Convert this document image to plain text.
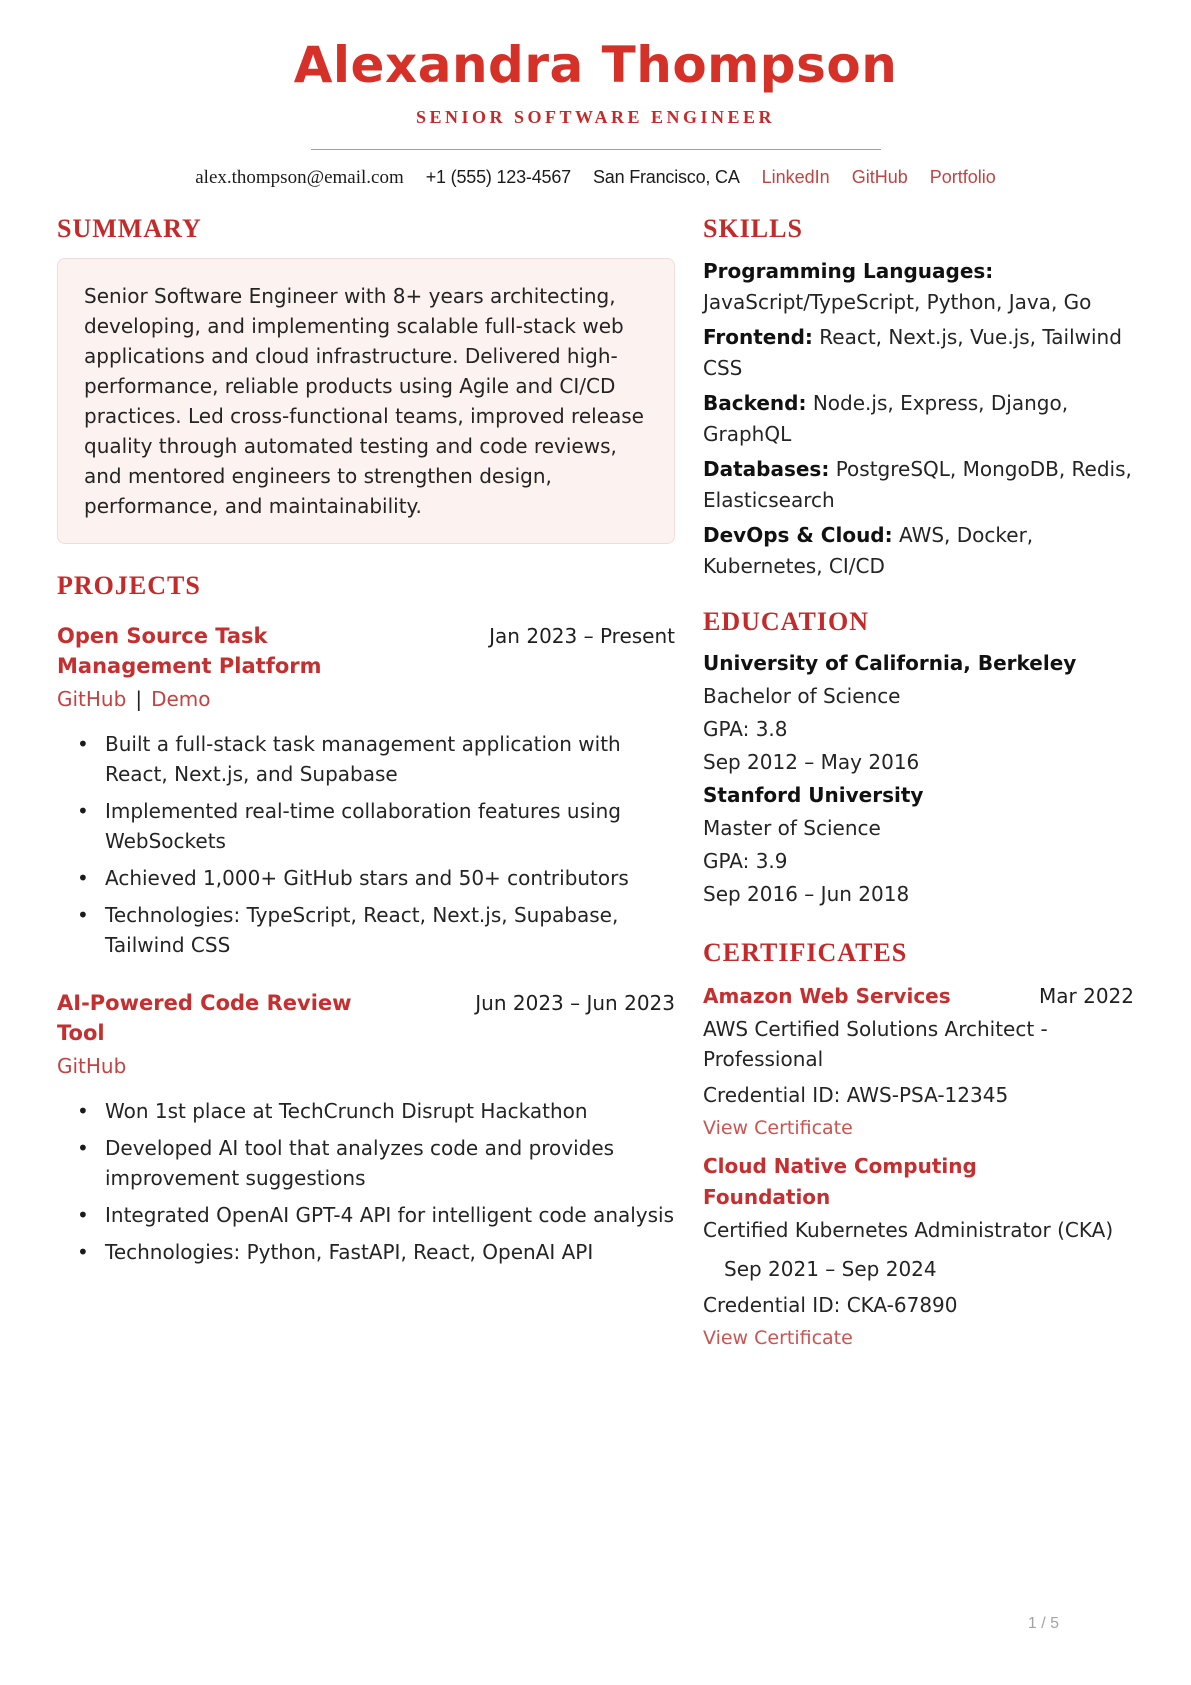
Alexandra Thompson
SENIOR SOFTWARE ENGINEER
alex.thompson@email.com +1 (555) 123-4567 San Francisco, CA LinkedIn GitHub Portfolio
SUMMARY
Senior Software Engineer with 8+ years architecting, developing, and implementing scalable full-stack web applications and cloud infrastructure. Delivered high-performance, reliable products using Agile and CI/CD practices. Led cross-functional teams, improved release quality through automated testing and code reviews, and mentored engineers to strengthen design, performance, and maintainability.
PROJECTS
Open Source Task Management Platform
Jan 2023 – Present
GitHub | Demo
• Built a full-stack task management application with React, Next.js, and Supabase
• Implemented real-time collaboration features using WebSockets
• Achieved 1,000+ GitHub stars and 50+ contributors
• Technologies: TypeScript, React, Next.js, Supabase, Tailwind CSS
AI-Powered Code Review Tool
Jun 2023 – Jun 2023
GitHub
• Won 1st place at TechCrunch Disrupt Hackathon
• Developed AI tool that analyzes code and provides improvement suggestions
• Integrated OpenAI GPT-4 API for intelligent code analysis
• Technologies: Python, FastAPI, React, OpenAI API
SKILLS
Programming Languages: JavaScript/TypeScript, Python, Java, Go
Frontend: React, Next.js, Vue.js, Tailwind CSS
Backend: Node.js, Express, Django, GraphQL
Databases: PostgreSQL, MongoDB, Redis, Elasticsearch
DevOps & Cloud: AWS, Docker, Kubernetes, CI/CD
EDUCATION
University of California, Berkeley
Bachelor of Science
GPA: 3.8
Sep 2012 – May 2016
Stanford University
Master of Science
GPA: 3.9
Sep 2016 – Jun 2018
CERTIFICATES
Amazon Web Services	Mar 2022
AWS Certified Solutions Architect - Professional
Credential ID: AWS-PSA-12345
View Certificate
Cloud Native Computing Foundation
Certified Kubernetes Administrator (CKA)
Sep 2021 – Sep 2024
Credential ID: CKA-67890
View Certificate
1 / 5
